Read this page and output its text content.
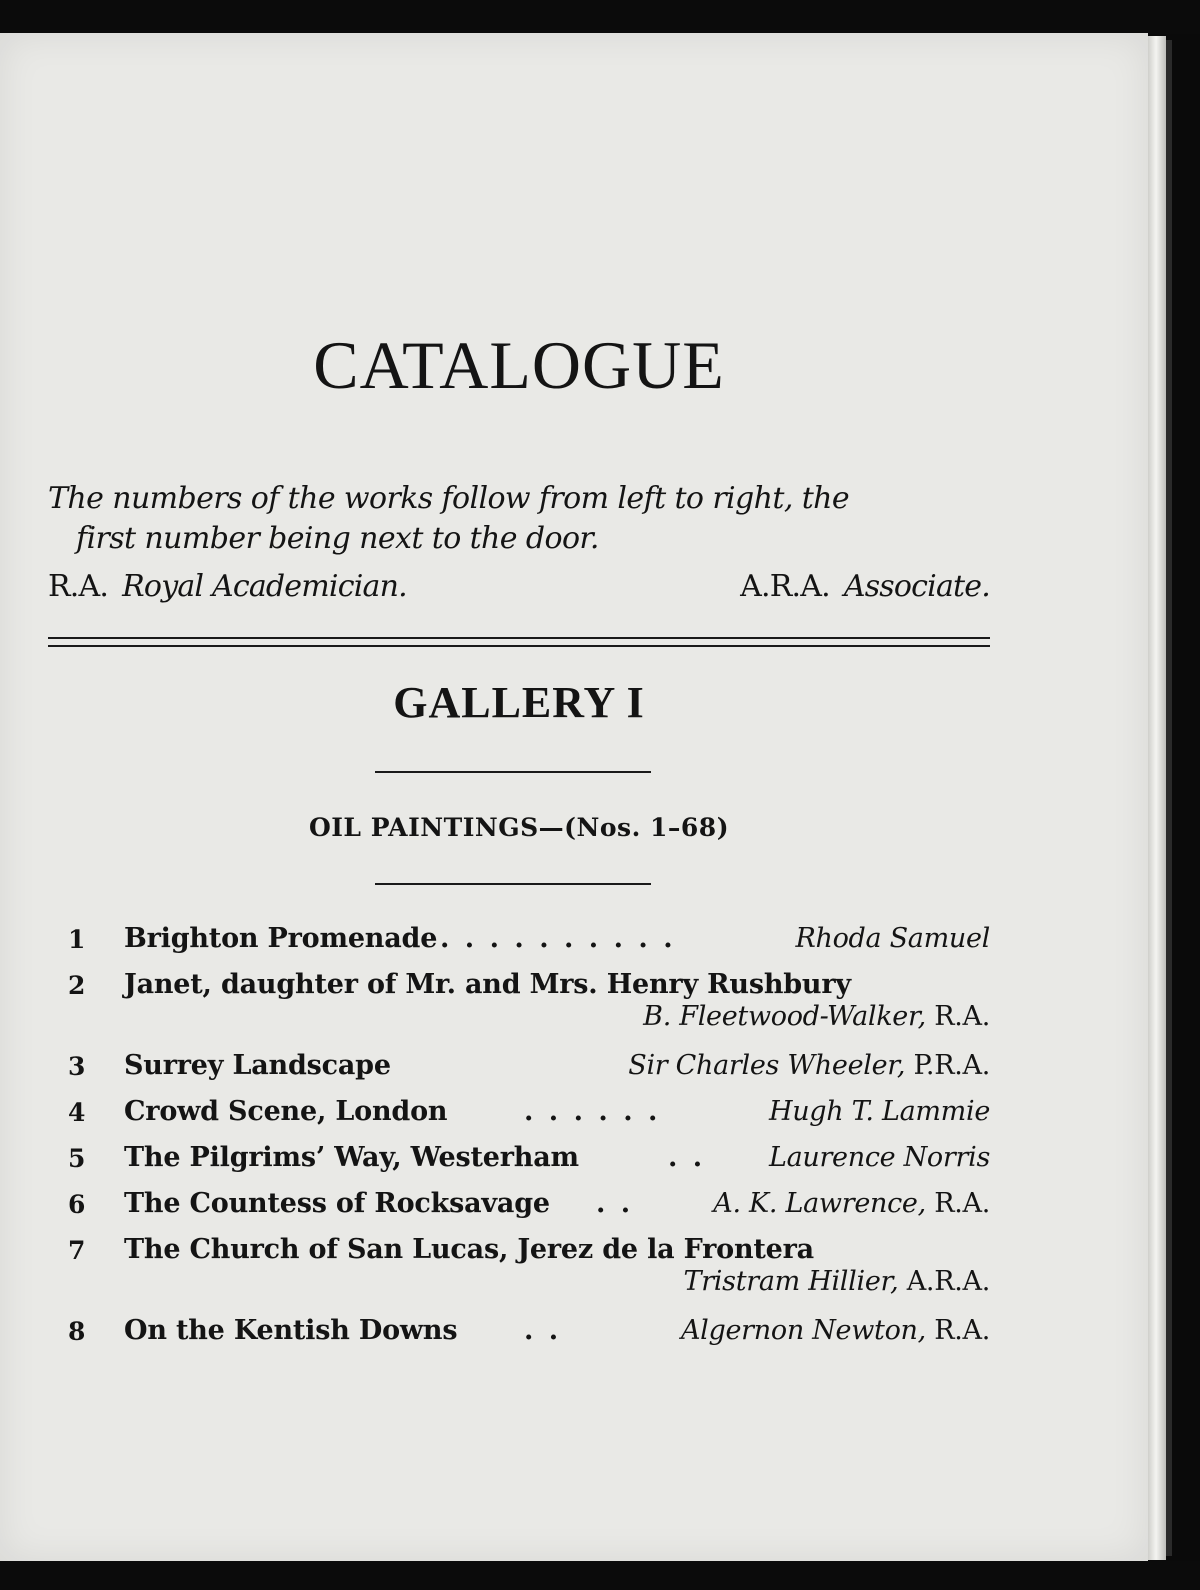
CATALOGUE

The numbers of the works follow from left to right, the
first number being next to the door.

R.A. Royal Academician.	A.R.A. Associate.
GALLERY I
OIL PAINTINGS—(Nos. 1–68)
1	Brighton Promenade . . . . . . . . . .	Rhoda Samuel
2	Janet, daughter of Mr. and Mrs. Henry Rushbury
B. Fleetwood-Walker, R.A.
3	Surrey Landscape	Sir Charles Wheeler, P.R.A.
4	Crowd Scene, London	. . . . . .	Hugh T. Lammie
5	The Pilgrims’ Way, Westerham	. . Laurence Norris
6	The Countess of Rocksavage . .	A. K. Lawrence, R.A.
7	The Church of San Lucas, Jerez de la Frontera
Tristram Hillier, A.R.A.
8	On the Kentish Downs . .	Algernon Newton, R.A.
